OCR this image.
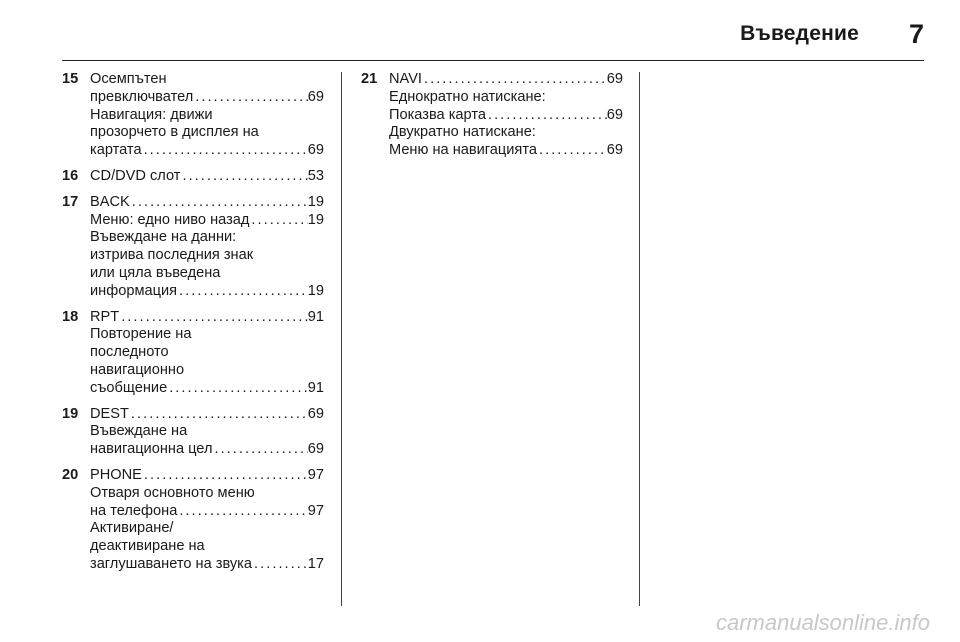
Въведение 7
15 Осемпътен
превключвател . . .	69
Навигация: движи
прозорчето в дисплея на
картата . . .	69
16 CD/DVD слот . . .	53
17 BACK . . .	19
Меню: едно ниво назад . . .	19
Въвеждане на данни:
изтрива последния знак
или цяла въведена
информация . . .	19
18 RPT . . .	91
Повторение на
последното
навигационно
съобщение . . .	91
19 DEST . . .	69
Въвеждане на
навигационна цел . . .	69
20 PHONE . . .	97
Отваря основното меню
на телефона . . .	97
Активиране/
деактивиране на
заглушаването на звука . . .	17
21 NAVI . . .	69
Еднократно натискане:
Показва карта . . .	69
Двукратно натискане:
Меню на навигацията . . .	69
carmanualsonline.info
